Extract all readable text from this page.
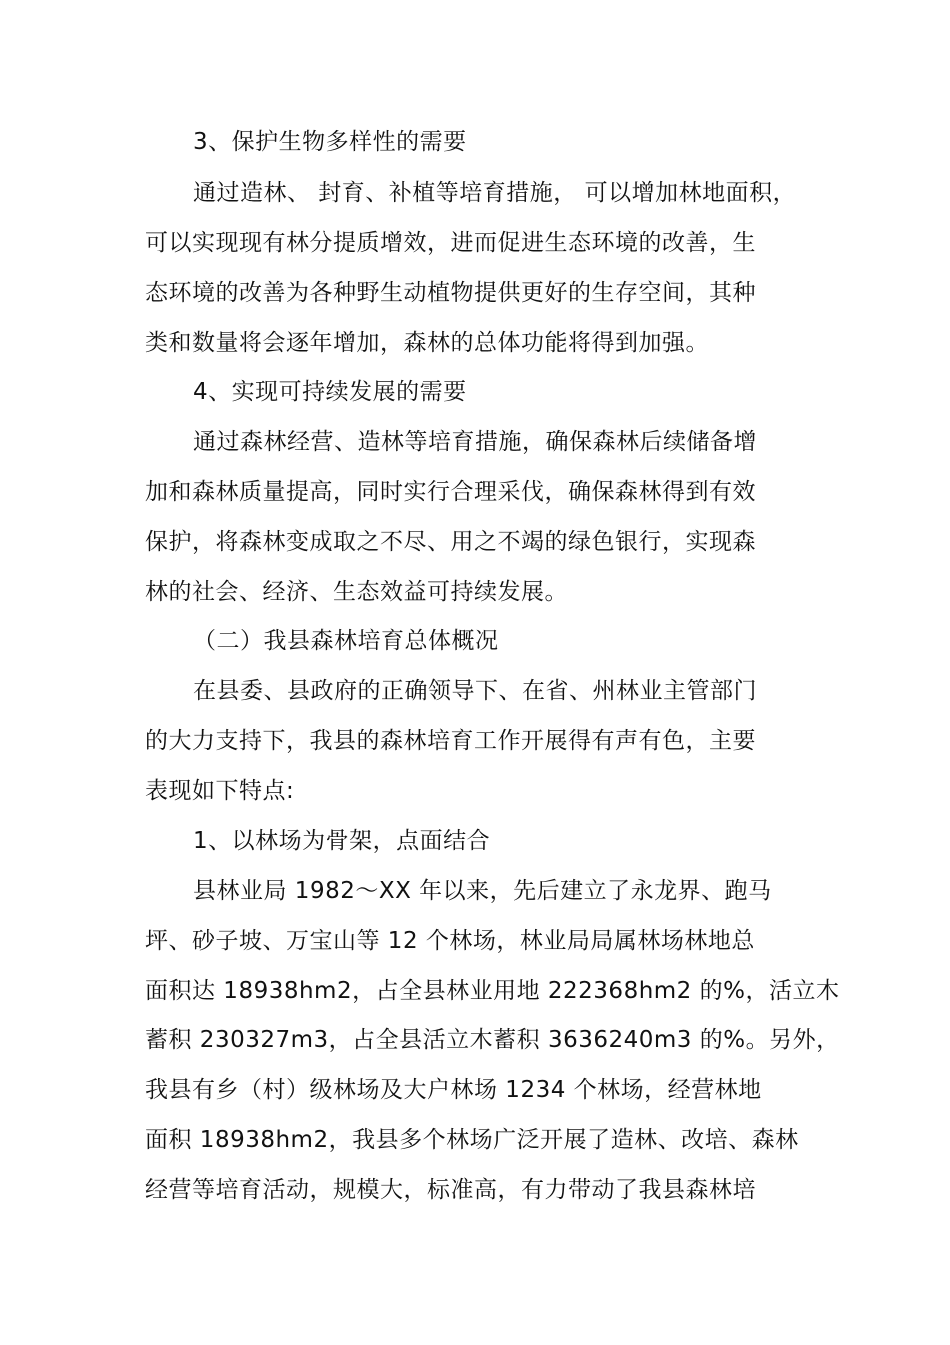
3、保护生物多样性的需要
通过造林、 封育、补植等培育措施， 可以增加林地面积，
可以实现现有林分提质增效，进而促进生态环境的改善，生
态环境的改善为各种野生动植物提供更好的生存空间，其种
类和数量将会逐年增加，森林的总体功能将得到加强。
4、实现可持续发展的需要
通过森林经营、造林等培育措施，确保森林后续储备增
加和森林质量提高，同时实行合理采伐，确保森林得到有效
保护，将森林变成取之不尽、用之不竭的绿色银行，实现森
林的社会、经济、生态效益可持续发展。
（二）我县森林培育总体概况
在县委、县政府的正确领导下、在省、州林业主管部门
的大力支持下，我县的森林培育工作开展得有声有色，主要
表现如下特点:
1、以林场为骨架，点面结合
县林业局 1982～XX 年以来，先后建立了永龙界、跑马
坪、砂子坡、万宝山等 12 个林场，林业局局属林场林地总
面积达 18938hm2，占全县林业用地 222368hm2 的%，活立木
蓄积 230327m3，占全县活立木蓄积 3636240m3 的%。另外，
我县有乡（村）级林场及大户林场 1234 个林场，经营林地
面积 18938hm2，我县多个林场广泛开展了造林、改培、森林
经营等培育活动，规模大，标准高，有力带动了我县森林培
